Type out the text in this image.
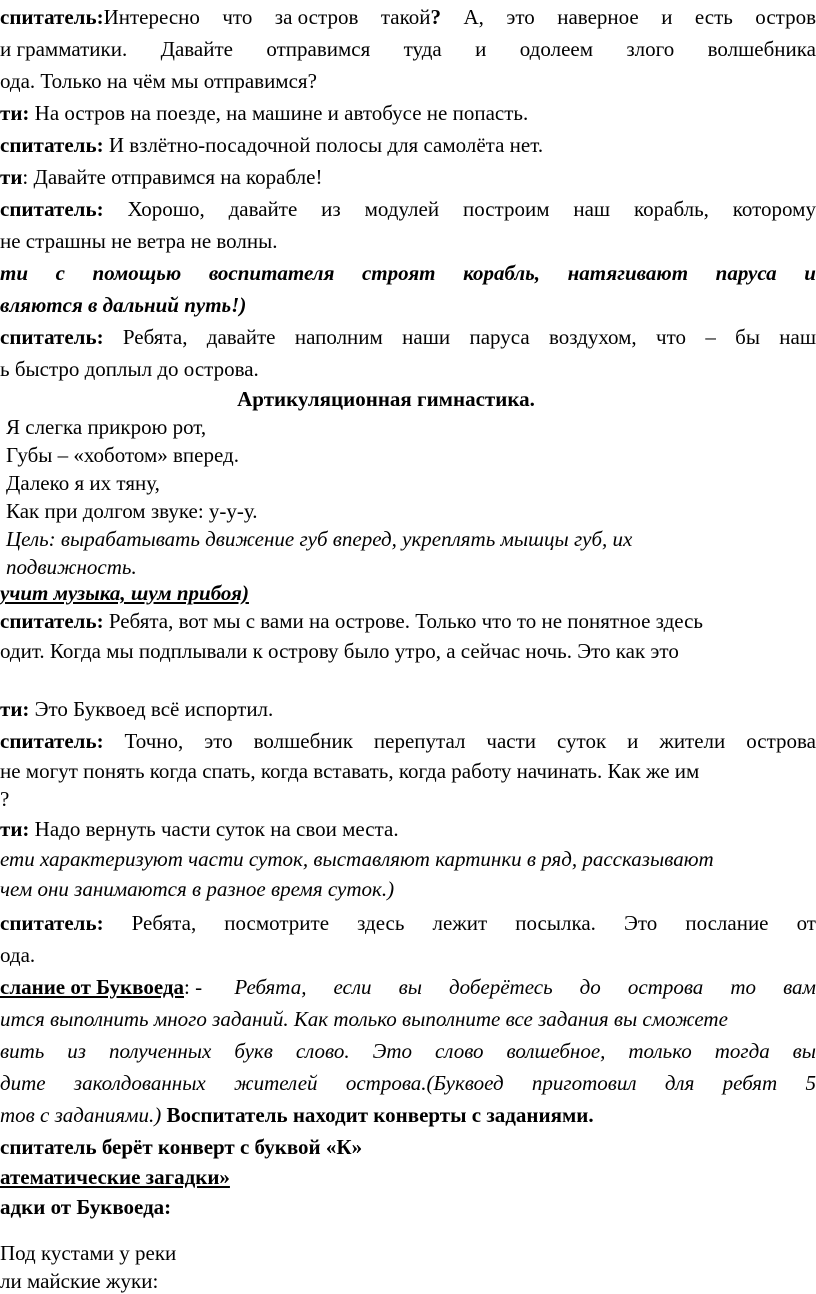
спитатель:Интересно что за остров такой? А, это наверное и есть остров
и грамматики. Давайте отправимся туда и одолеем злого волшебника
ода. Только на чём мы отправимся?
ти: На остров на поезде, на машине и автобусе не попасть.
спитатель: И взлётно-посадочной полосы для самолёта нет.
ти: Давайте отправимся на корабле!
спитатель: Хорошо, давайте из модулей построим наш корабль, которому
не страшны не ветра не волны.
ти с помощью воспитателя строят корабль, натягивают паруса и
вляются в дальний путь!)
спитатель: Ребята, давайте наполним наши паруса воздухом, что – бы наш
ь быстро доплыл до острова.
Артикуляционная гимнастика.
Я слегка прикрою рот,
Губы – «хоботом» вперед.
Далеко я их тяну,
Как при долгом звуке: у-у-у.
Цель: вырабатывать движение губ вперед, укреплять мышцы губ, их
подвижность.
учит музыка, шум прибоя)
спитатель: Ребята, вот мы с вами на острове. Только что то не понятное здесь
одит. Когда мы подплывали к острову было утро, а сейчас ночь. Это как это
ти: Это Буквоед всё испортил.
спитатель: Точно, это волшебник перепутал части суток и жители острова
не могут понять когда спать, когда вставать, когда работу начинать. Как же им
?
ти: Надо вернуть части суток на свои места.
ети характеризуют части суток, выставляют картинки в ряд, рассказывают
чем они занимаются в разное время суток.)
спитатель: Ребята, посмотрите здесь лежит посылка. Это послание от
ода.
слание от Буквоеда: - Ребята, если вы доберётесь до острова то вам
ится выполнить много заданий. Как только выполните все задания вы сможете
вить из полученных букв слово. Это слово волшебное, только тогда вы
дите заколдованных жителей острова.(Буквоед приготовил для ребят 5
тов с заданиями.) Воспитатель находит конверты с заданиями.
спитатель берёт конверт с буквой «К»
атематические загадки»
адки от Буквоеда:
Под кустами у реки
ли майские жуки:
